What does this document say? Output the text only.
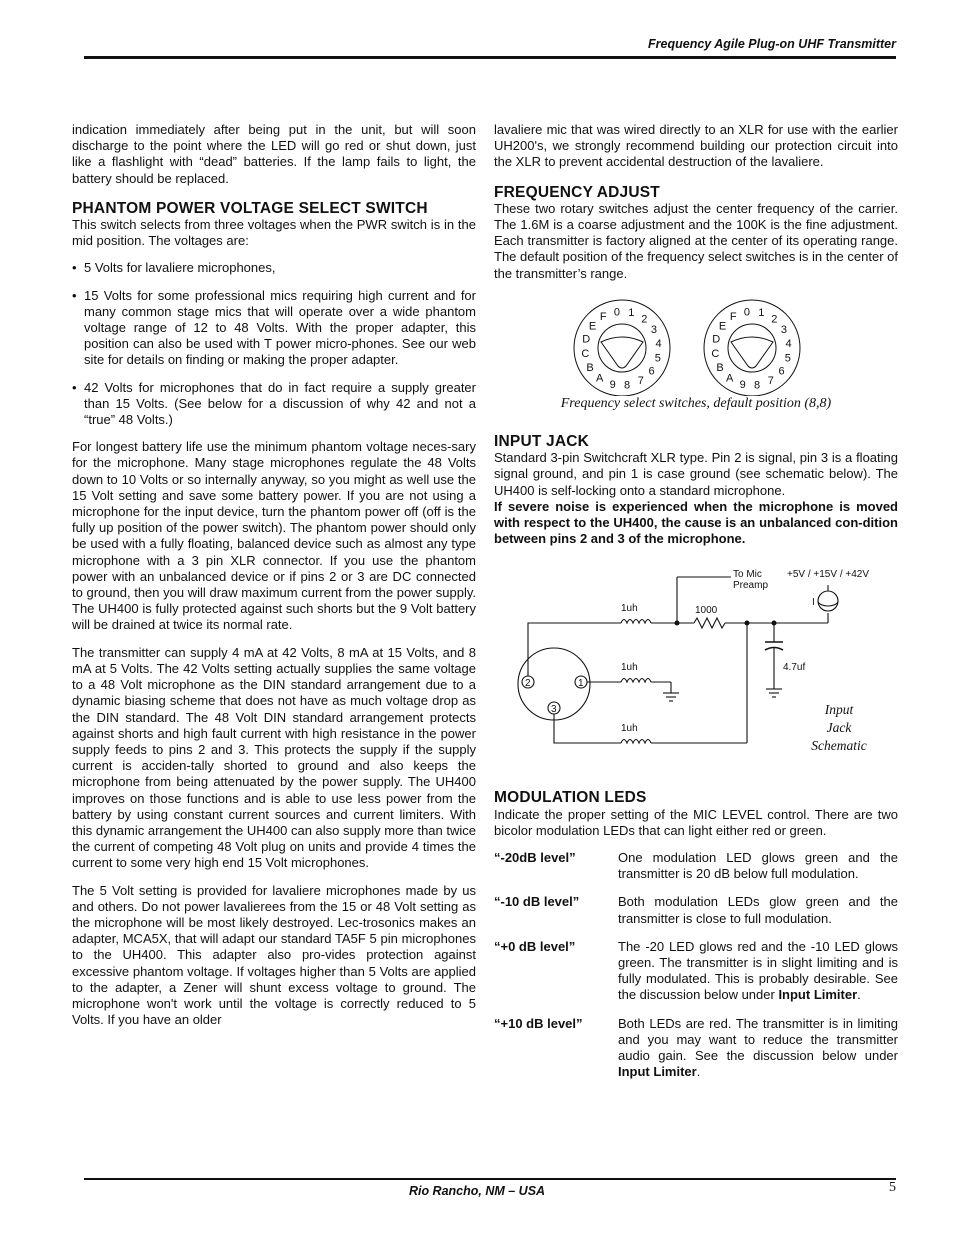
Frequency Agile Plug-on UHF Transmitter

indication immediately after being put in the unit, but will soon discharge to the point where the LED will go red or shut down, just like a flashlight with “dead” batteries. If the lamp fails to light, the battery should be replaced.

PHANTOM POWER VOLTAGE SELECT SWITCH

This switch selects from three voltages when the PWR switch is in the mid position. The voltages are:

• 5 Volts for lavaliere microphones,
• 15 Volts for some professional mics requiring high current and for many common stage mics that will operate over a wide phantom voltage range of 12 to 48 Volts. With the proper adapter, this position can also be used with T power micro-phones. See our web site for details on finding or making the proper adapter.
• 42 Volts for microphones that do in fact require a supply greater than 15 Volts. (See below for a discussion of why 42 and not a “true” 48 Volts.)

For longest battery life use the minimum phantom voltage neces-sary for the microphone. Many stage microphones regulate the 48 Volts down to 10 Volts or so internally anyway, so you might as well use the 15 Volt setting and save some battery power. If you are not using a microphone for the input device, turn the phantom power off (off is the fully up position of the power switch). The phantom power should only be used with a fully floating, balanced device such as almost any type microphone with a 3 pin XLR connector. If you use the phantom power with an unbalanced device or if pins 2 or 3 are DC connected to ground, then you will draw maximum current from the power supply. The UH400 is fully protected against such shorts but the 9 Volt battery will be drained at twice its normal rate.

The transmitter can supply 4 mA at 42 Volts, 8 mA at 15 Volts, and 8 mA at 5 Volts. The 42 Volts setting actually supplies the same voltage to a 48 Volt microphone as the DIN standard arrangement due to a dynamic biasing scheme that does not have as much voltage drop as the DIN standard. The 48 Volt DIN standard arrangement protects against shorts and high fault current with high resistance in the power supply feeds to pins 2 and 3. This protects the supply if the supply current is acciden-tally shorted to ground and also keeps the microphone from being attenuated by the power supply. The UH400 improves on those functions and is able to use less power from the battery by using constant current sources and current limiters. With this dynamic arrangement the UH400 can also supply more than twice the current of competing 48 Volt plug on units and provide 4 times the current to some very high end 15 Volt microphones.

The 5 Volt setting is provided for lavaliere microphones made by us and others. Do not power lavalierees from the 15 or 48 Volt setting as the microphone will be most likely destroyed. Lec-trosonics makes an adapter, MCA5X, that will adapt our standard TA5F 5 pin microphones to the UH400. This adapter also pro-vides protection against excessive phantom voltage. If voltages higher than 5 Volts are applied to the adapter, a Zener will shunt excess voltage to ground. The microphone won't work until the voltage is correctly reduced to 5 Volts. If you have an older

lavaliere mic that was wired directly to an XLR for use with the earlier UH200's, we strongly recommend building our protection circuit into the XLR to prevent accidental destruction of the lavaliere.

FREQUENCY ADJUST

These two rotary switches adjust the center frequency of the carrier. The 1.6M is a coarse adjustment and the 100K is the fine adjustment. Each transmitter is factory aligned at the center of its operating range. The default position of the frequency select switches is in the center of the transmitter’s range.

0 1
2
3
4
5
6
7
8
9
A
B
C
D
E
F	0 1
2
3
4
5
6
7
8
9
A
B
C
D
E
F
Frequency select switches, default position (8,8)
INPUT JACK

Standard 3-pin Switchcraft XLR type. Pin 2 is signal, pin 3 is a floating signal ground, and pin 1 is case ground (see schematic below). The UH400 is self-locking onto a standard microphone.

If severe noise is experienced when the microphone is moved with respect to the UH400, the cause is an unbalanced con-dition between pins 2 and 3 of the microphone.

To Mic
Preamp
+5V / +15V / +42V
I
1uh	1000
4.7uf
1uh
1uh
2	1
3	Input
Jack
Schematic
MODULATION LEDS

Indicate the proper setting of the MIC LEVEL control. There are two bicolor modulation LEDs that can light either red or green.

“-20dB level”	One modulation LED glows green and the transmitter is 20 dB below full modulation.
“-10 dB level”	Both modulation LEDs glow green and the transmitter is close to full modulation.
“+0 dB level”	The -20 LED glows red and the -10 LED glows green. The transmitter is in slight limiting and is fully modulated. This is probably desirable. See the discussion below under Input Limiter.
“+10 dB level”	Both LEDs are red. The transmitter is in limiting and you may want to reduce the transmitter audio gain. See the discussion below under Input Limiter.
Rio Rancho, NM – USA	5
